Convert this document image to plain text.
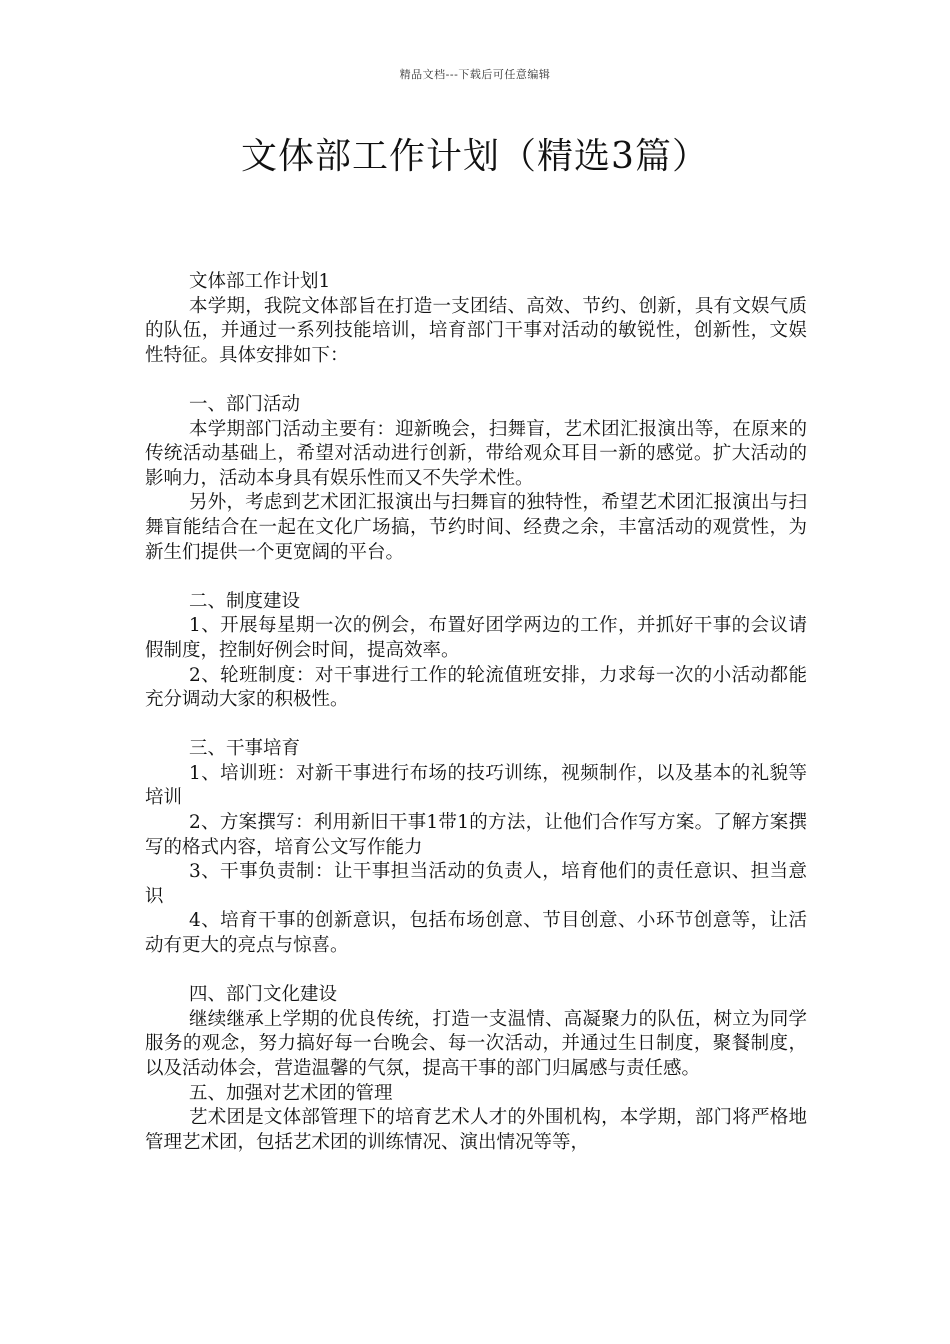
精品文档---下载后可任意编辑
文体部工作计划（精选3篇）

文体部工作计划1

本学期，我院文体部旨在打造一支团结、高效、节约、创新，具有文娱气质的队伍，并通过一系列技能培训，培育部门干事对活动的敏锐性，创新性，文娱性特征。具体安排如下：

一、部门活动

本学期部门活动主要有：迎新晚会，扫舞盲，艺术团汇报演出等，在原来的传统活动基础上，希望对活动进行创新，带给观众耳目一新的感觉。扩大活动的影响力，活动本身具有娱乐性而又不失学术性。

另外，考虑到艺术团汇报演出与扫舞盲的独特性，希望艺术团汇报演出与扫舞盲能结合在一起在文化广场搞，节约时间、经费之余，丰富活动的观赏性，为新生们提供一个更宽阔的平台。

二、制度建设

1、开展每星期一次的例会，布置好团学两边的工作，并抓好干事的会议请假制度，控制好例会时间，提高效率。

2、轮班制度：对干事进行工作的轮流值班安排，力求每一次的小活动都能充分调动大家的积极性。

三、干事培育

1、培训班：对新干事进行布场的技巧训练，视频制作，以及基本的礼貌等培训

2、方案撰写：利用新旧干事1带1的方法，让他们合作写方案。了解方案撰写的格式内容，培育公文写作能力

3、干事负责制：让干事担当活动的负责人，培育他们的责任意识、担当意识

4、培育干事的创新意识，包括布场创意、节目创意、小环节创意等，让活动有更大的亮点与惊喜。

四、部门文化建设

继续继承上学期的优良传统，打造一支温情、高凝聚力的队伍，树立为同学服务的观念，努力搞好每一台晚会、每一次活动，并通过生日制度，聚餐制度，以及活动体会，营造温馨的气氛，提高干事的部门归属感与责任感。

五、加强对艺术团的管理

艺术团是文体部管理下的培育艺术人才的外围机构，本学期，部门将严格地管理艺术团，包括艺术团的训练情况、演出情况等等，
